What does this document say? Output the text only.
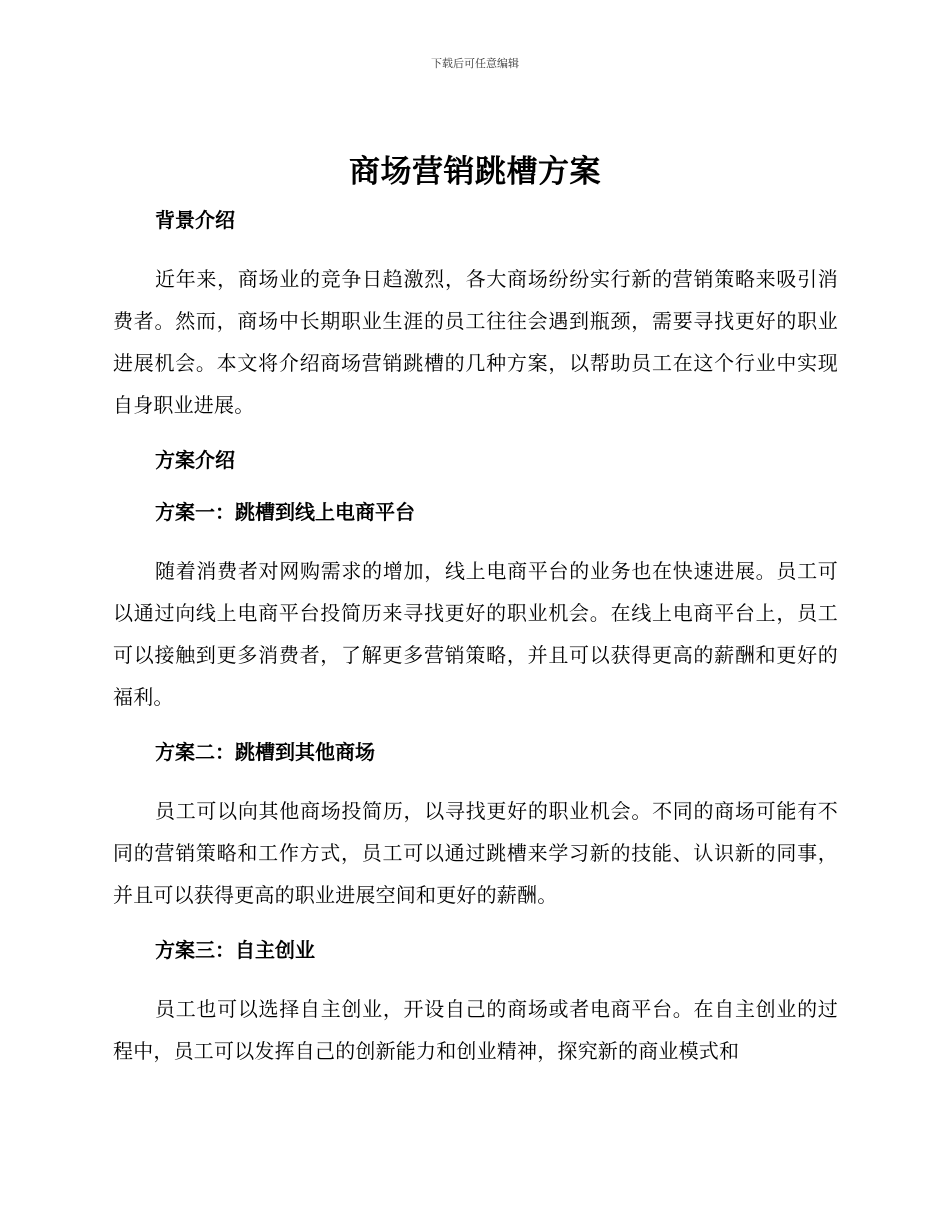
下载后可任意编辑
商场营销跳槽方案
背景介绍

近年来，商场业的竞争日趋激烈，各大商场纷纷实行新的营销策略来吸引消费者。然而，商场中长期职业生涯的员工往往会遇到瓶颈，需要寻找更好的职业进展机会。本文将介绍商场营销跳槽的几种方案，以帮助员工在这个行业中实现自身职业进展。

方案介绍
方案一：跳槽到线上电商平台

随着消费者对网购需求的增加，线上电商平台的业务也在快速进展。员工可以通过向线上电商平台投简历来寻找更好的职业机会。在线上电商平台上，员工可以接触到更多消费者，了解更多营销策略，并且可以获得更高的薪酬和更好的福利。

方案二：跳槽到其他商场

员工可以向其他商场投简历，以寻找更好的职业机会。不同的商场可能有不同的营销策略和工作方式，员工可以通过跳槽来学习新的技能、认识新的同事，并且可以获得更高的职业进展空间和更好的薪酬。

方案三：自主创业

员工也可以选择自主创业，开设自己的商场或者电商平台。在自主创业的过程中，员工可以发挥自己的创新能力和创业精神，探究新的商业模式和
